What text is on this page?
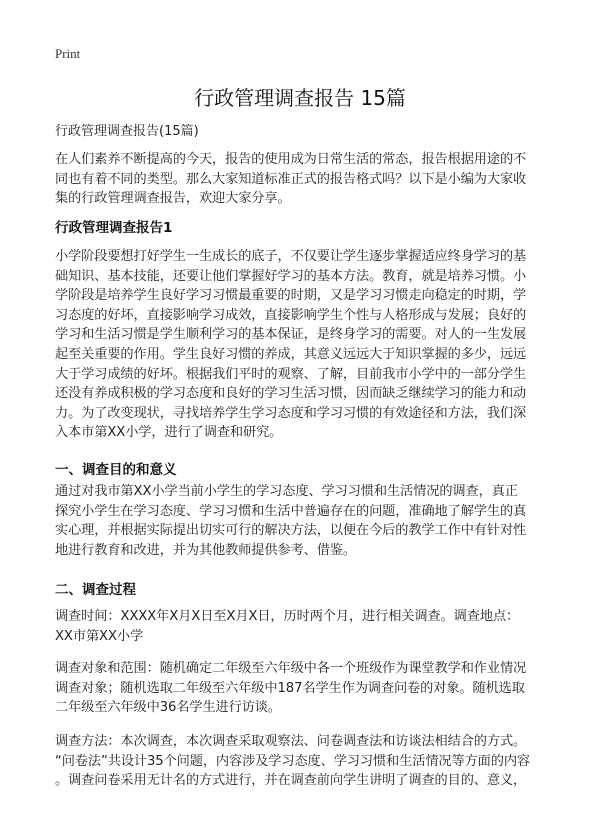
Print
行政管理调查报告 15篇
行政管理调查报告(15篇)
在人们素养不断提高的今天，报告的使用成为日常生活的常态，报告根据用途的不
同也有着不同的类型。那么大家知道标准正式的报告格式吗？以下是小编为大家收
集的行政管理调查报告，欢迎大家分享。
行政管理调查报告1
小学阶段要想打好学生一生成长的底子，不仅要让学生逐步掌握适应终身学习的基
础知识、基本技能，还要让他们掌握好学习的基本方法。教育，就是培养习惯。小
学阶段是培养学生良好学习习惯最重要的时期，又是学习习惯走向稳定的时期，学
习态度的好坏，直接影响学习成效，直接影响学生个性与人格形成与发展；良好的
学习和生活习惯是学生顺利学习的基本保证，是终身学习的需要。对人的一生发展
起至关重要的作用。学生良好习惯的养成，其意义远远大于知识掌握的多少，远远
大于学习成绩的好坏。根据我们平时的观察、了解，目前我市小学中的一部分学生
还没有养成积极的学习态度和良好的学习生活习惯，因而缺乏继续学习的能力和动
力。为了改变现状，寻找培养学生学习态度和学习习惯的有效途径和方法，我们深
入本市第XX小学，进行了调查和研究。
一、调查目的和意义
通过对我市第XX小学当前小学生的学习态度、学习习惯和生活情况的调查，真正
探究小学生在学习态度、学习习惯和生活中普遍存在的问题，准确地了解学生的真
实心理，并根据实际提出切实可行的解决方法，以便在今后的教学工作中有针对性
地进行教育和改进，并为其他教师提供参考、借鉴。
二、调查过程
调查时间：XXXX年X月X日至X月X日，历时两个月，进行相关调查。调查地点：
XX市第XX小学
调查对象和范围：随机确定二年级至六年级中各一个班级作为课堂教学和作业情况
调查对象；随机选取二年级至六年级中187名学生作为调查问卷的对象。随机选取
二年级至六年级中36名学生进行访谈。
调查方法：本次调查，本次调查采取观察法、问卷调查法和访谈法相结合的方式。
“问卷法”共设计35个问题，内容涉及学习态度、学习习惯和生活情况等方面的内容
。调查问卷采用无计名的方式进行，并在调查前向学生讲明了调查的目的、意义，
